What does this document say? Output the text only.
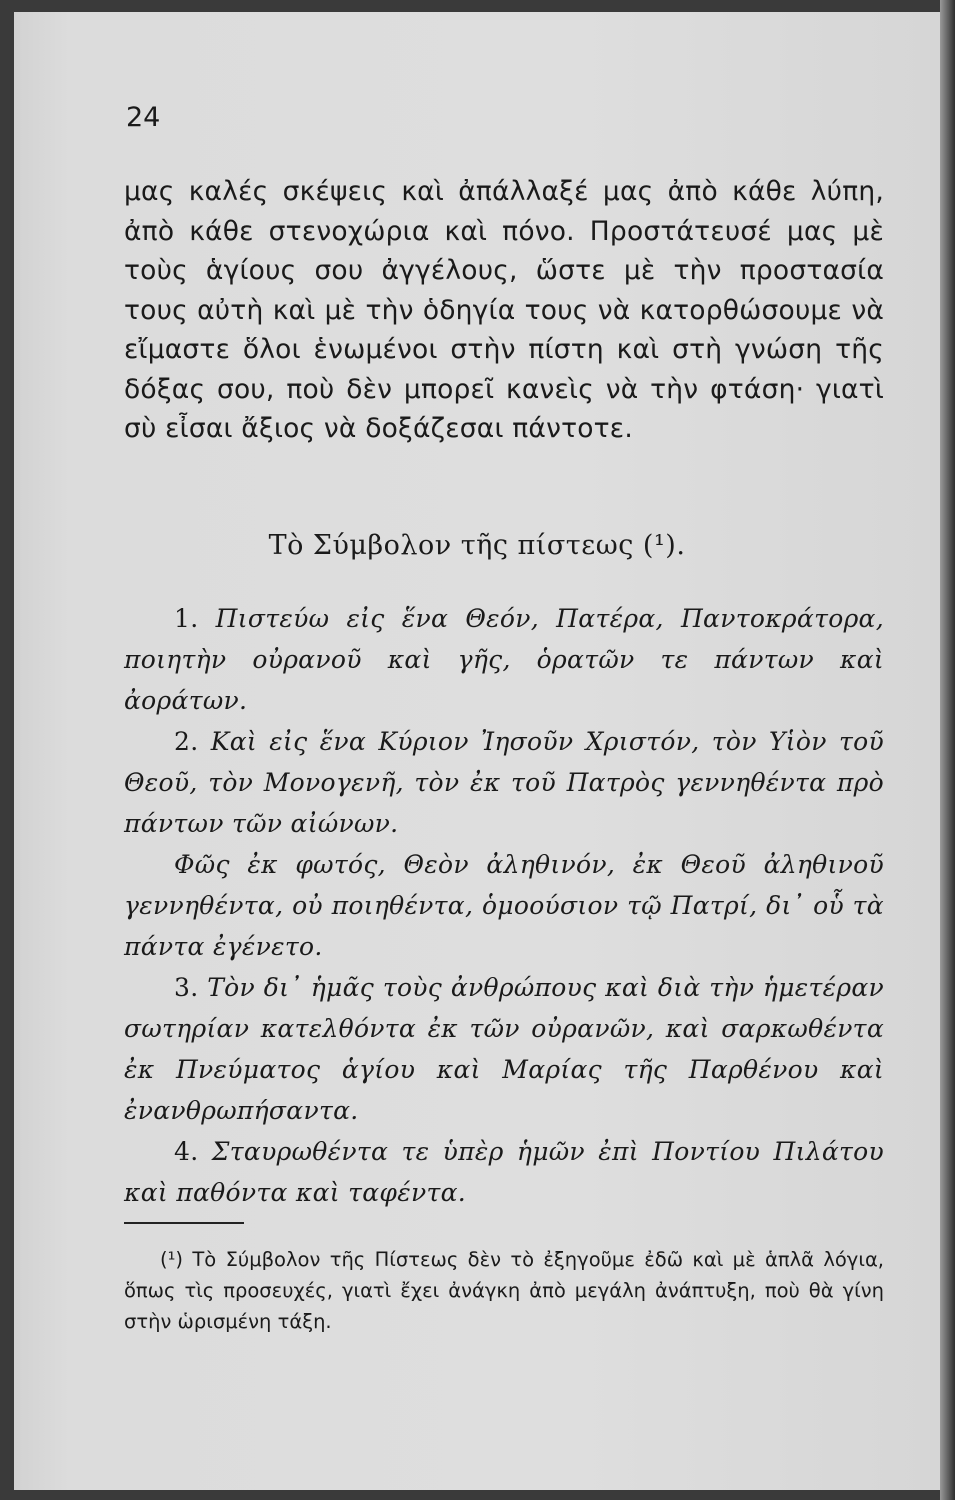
24

μας καλές σκέψεις καὶ ἀπάλλαξέ μας ἀπὸ κάθε λύπη, ἀπὸ κάθε στενοχώρια καὶ πόνο. Προστάτευσέ μας μὲ τοὺς ἁγίους σου ἀγγέλους, ὥστε μὲ τὴν προστασία τους αὐτὴ καὶ μὲ τὴν ὁδηγία τους νὰ κατορθώσουμε νὰ εἴμαστε ὅλοι ἑνωμένοι στὴν πίστη καὶ στὴ γνώση τῆς δόξας σου, ποὺ δὲν μπορεῖ κανεὶς νὰ τὴν φτάση· γιατὶ σὺ εἶσαι ἄξιος νὰ δοξάζεσαι πάντοτε.

Τὸ Σύμβολον τῆς πίστεως (¹).

1. Πιστεύω εἰς ἕνα Θεόν, Πατέρα, Παντοκράτορα, ποιητὴν οὐρανοῦ καὶ γῆς, ὁρατῶν τε πάντων καὶ ἀοράτων.

2. Καὶ εἰς ἕνα Κύριον Ἰησοῦν Χριστόν, τὸν Υἱὸν τοῦ Θεοῦ, τὸν Μονογενῆ, τὸν ἐκ τοῦ Πατρὸς γεννηθέντα πρὸ πάντων τῶν αἰώνων.

Φῶς ἐκ φωτός, Θεὸν ἀληθινόν, ἐκ Θεοῦ ἀληθινοῦ γεννηθέντα, οὐ ποιηθέντα, ὁμοούσιον τῷ Πατρί, δι᾿ οὗ τὰ πάντα ἐγένετο.

3. Τὸν δι᾿ ἡμᾶς τοὺς ἀνθρώπους καὶ διὰ τὴν ἡμετέραν σωτηρίαν κατελθόντα ἐκ τῶν οὐρανῶν, καὶ σαρκωθέντα ἐκ Πνεύματος ἁγίου καὶ Μαρίας τῆς Παρθένου καὶ ἐνανθρωπήσαντα.

4. Σταυρωθέντα τε ὑπὲρ ἡμῶν ἐπὶ Ποντίου Πιλάτου καὶ παθόντα καὶ ταφέντα.

(¹) Τὸ Σύμβολον τῆς Πίστεως δὲν τὸ ἐξηγοῦμε ἐδῶ καὶ μὲ ἁπλᾶ λόγια, ὅπως τὶς προσευχές, γιατὶ ἔχει ἀνάγκη ἀπὸ μεγάλη ἀνάπτυξη, ποὺ θὰ γίνη στὴν ὡρισμένη τάξη.
